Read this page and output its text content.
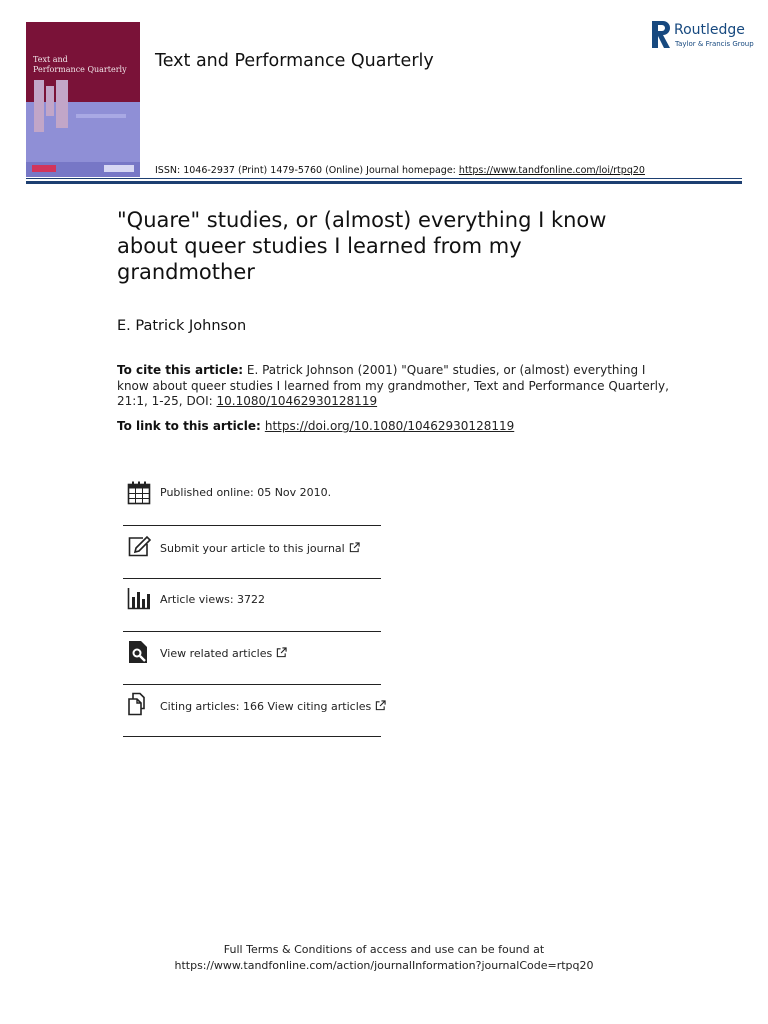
Text and
Performance Quarterly Text and Performance Quarterly
Routledge
Taylor & Francis Group
ISSN: 1046-2937 (Print) 1479-5760 (Online) Journal homepage: https://www.tandfonline.com/loi/rtpq20
"Quare" studies, or (almost) everything I know about queer studies I learned from my grandmother
E. Patrick Johnson
To cite this article: E. Patrick Johnson (2001) "Quare" studies, or (almost) everything I know about queer studies I learned from my grandmother, Text and Performance Quarterly, 21:1, 1-25, DOI: 10.1080/10462930128119
To link to this article: https://doi.org/10.1080/10462930128119
Published online: 05 Nov 2010.
Submit your article to this journal
Article views: 3722
View related articles
Citing articles: 166 View citing articles
Full Terms & Conditions of access and use can be found at
https://www.tandfonline.com/action/journalInformation?journalCode=rtpq20
